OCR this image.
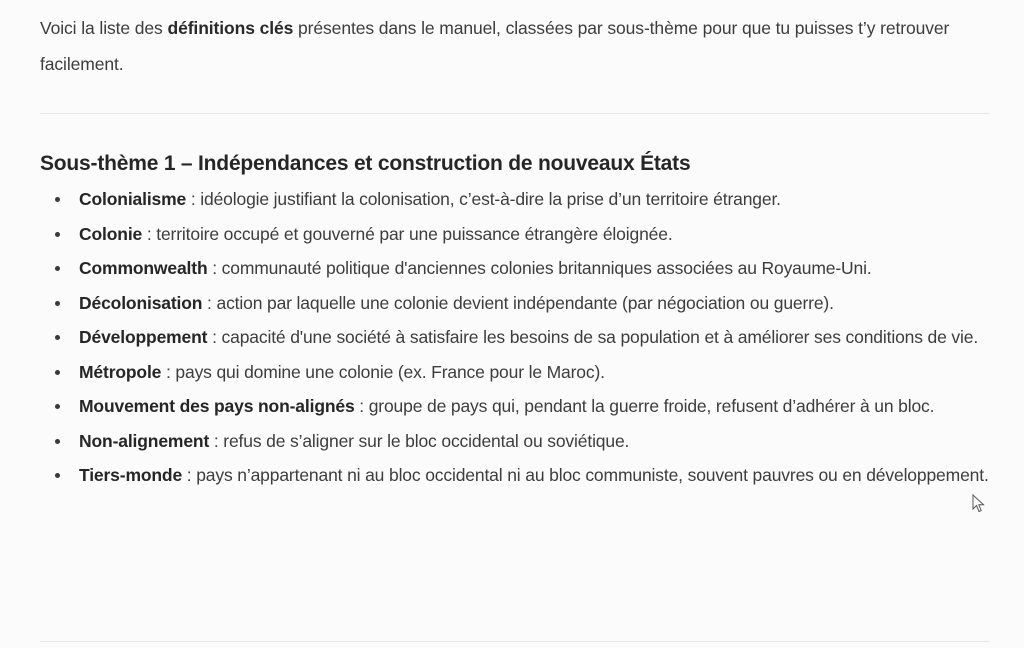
Voici la liste des définitions clés présentes dans le manuel, classées par sous-thème pour que tu puisses t’y retrouver facilement.

Sous-thème 1 – Indépendances et construction de nouveaux États
Colonialisme : idéologie justifiant la colonisation, c’est-à-dire la prise d’un territoire étranger.
Colonie : territoire occupé et gouverné par une puissance étrangère éloignée.
Commonwealth : communauté politique d'anciennes colonies britanniques associées au Royaume-Uni.
Décolonisation : action par laquelle une colonie devient indépendante (par négociation ou guerre).
Développement : capacité d'une société à satisfaire les besoins de sa population et à améliorer ses conditions de vie.
Métropole : pays qui domine une colonie (ex. France pour le Maroc).
Mouvement des pays non-alignés : groupe de pays qui, pendant la guerre froide, refusent d’adhérer à un bloc.
Non-alignement : refus de s’aligner sur le bloc occidental ou soviétique.
Tiers-monde : pays n’appartenant ni au bloc occidental ni au bloc communiste, souvent pauvres ou en développement.
